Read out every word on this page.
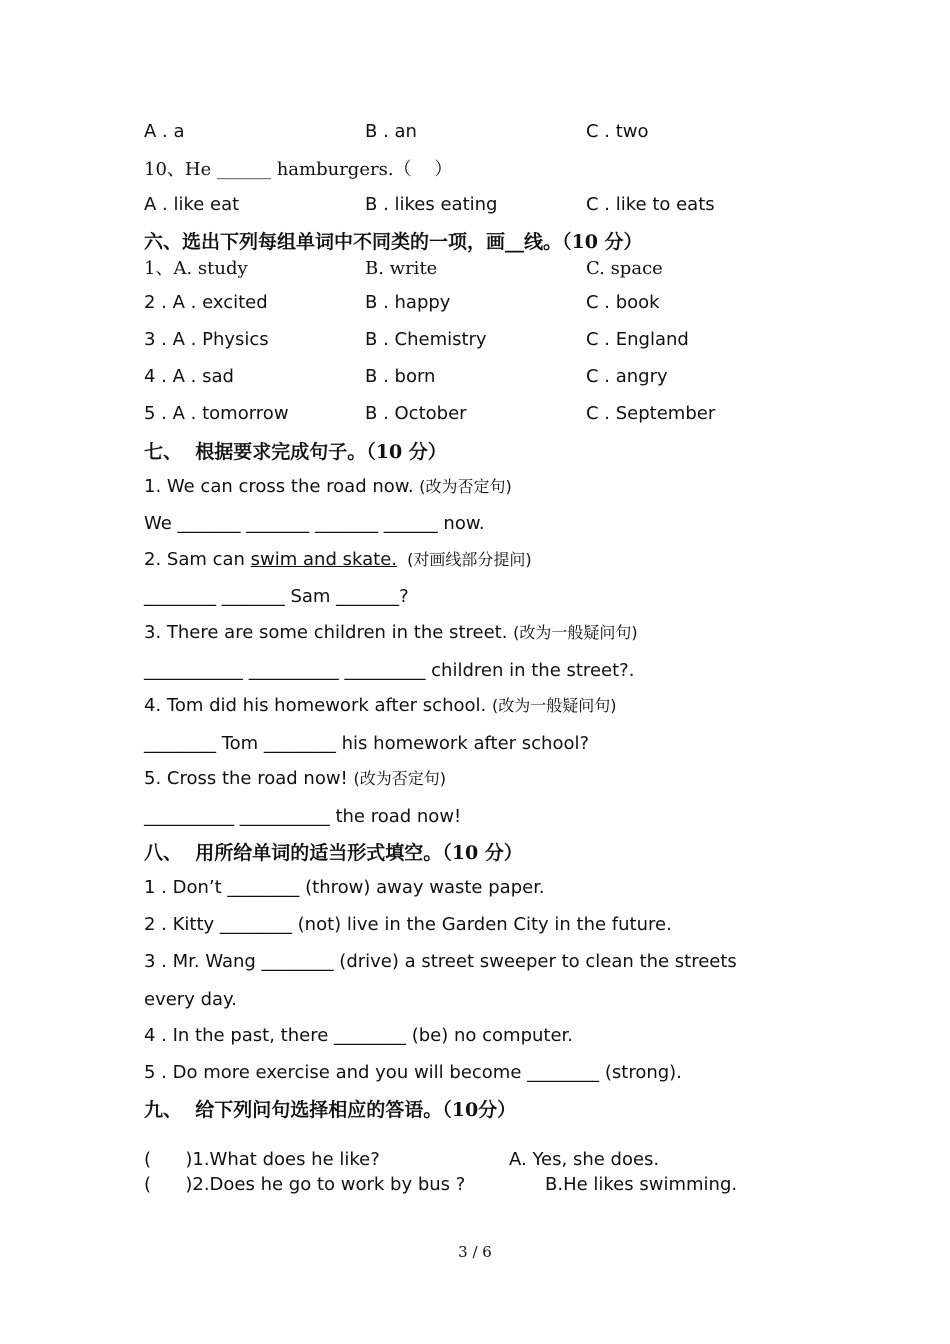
A . a	B . an	C . two
10、He ______ hamburgers.（    ）
A . like eat	B . likes eating	C . like to eats
六、选出下列每组单词中不同类的一项，画__线。（10 分）
1、A. study	B. write	C. space
2 . A . excited	B . happy	C . book
3 . A . Physics	B . Chemistry	C . England
4 . A . sad	B . born	C . angry
5 . A . tomorrow	B . October	C . September
七、  根据要求完成句子。（10 分）
1. We can cross the road now. (改为否定句)
We _______ _______ _______ ______ now.
2. Sam can swim and skate.  (对画线部分提问)
________ _______ Sam _______?
3. There are some children in the street. (改为一般疑问句)
___________ __________ _________ children in the street?.
4. Tom did his homework after school. (改为一般疑问句)
________ Tom ________ his homework after school?
5. Cross the road now! (改为否定句)
__________ __________ the road now!
八、  用所给单词的适当形式填空。（10 分）
1 . Don’t ________ (throw) away waste paper.
2 . Kitty ________ (not) live in the Garden City in the future.
3 . Mr. Wang ________ (drive) a street sweeper to clean the streets
every day.
4 . In the past, there ________ (be) no computer.
5 . Do more exercise and you will become ________ (strong).
九、  给下列问句选择相应的答语。（10分）
(      )1.What does he like?	A. Yes, she does.
(      )2.Does he go to work by bus ?	B.He likes swimming.
3 / 6
